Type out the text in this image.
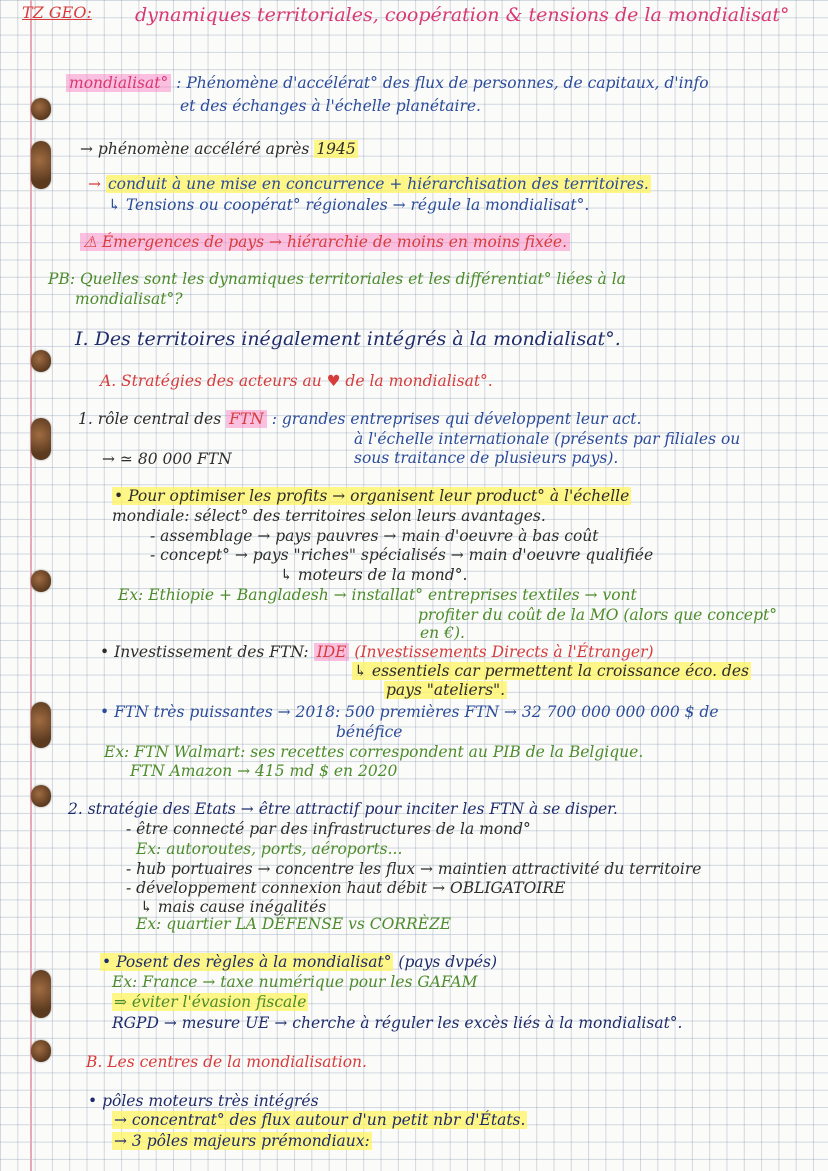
TZ GEO: dynamiques territoriales, coopération & tensions de la mondialisat°
mondialisat° : Phénomène d'accélérat° des flux de personnes, de capitaux, d'info
et des échanges à l'échelle planétaire.
→ phénomène accéléré après 1945
→ conduit à une mise en concurrence + hiérarchisation des territoires.
↳ Tensions ou coopérat° régionales → régule la mondialisat°.
⚠ Émergences de pays → hiérarchie de moins en moins fixée.
PB: Quelles sont les dynamiques territoriales et les différentiat° liées à la
mondialisat°?
I. Des territoires inégalement intégrés à la mondialisat°.
A. Stratégies des acteurs au ♥ de la mondialisat°.
1. rôle central des FTN : grandes entreprises qui développent leur act.
à l'échelle internationale (présents par filiales ou
→ ≃ 80 000 FTN	sous traitance de plusieurs pays).
• Pour optimiser les profits → organisent leur product° à l'échelle
mondiale: sélect° des territoires selon leurs avantages.
- assemblage → pays pauvres → main d'oeuvre à bas coût
- concept° → pays "riches" spécialisés → main d'oeuvre qualifiée
↳ moteurs de la mond°.
Ex: Ethiopie + Bangladesh → installat° entreprises textiles → vont
profiter du coût de la MO (alors que concept°
en €).
• Investissement des FTN: IDE (Investissements Directs à l'Étranger)
↳ essentiels car permettent la croissance éco. des
pays "ateliers".
• FTN très puissantes → 2018: 500 premières FTN → 32 700 000 000 000 $ de
bénéfice
Ex: FTN Walmart: ses recettes correspondent au PIB de la Belgique.
FTN Amazon → 415 md $ en 2020
2. stratégie des Etats → être attractif pour inciter les FTN à se disper.
- être connecté par des infrastructures de la mond°
Ex: autoroutes, ports, aéroports...
- hub portuaires → concentre les flux → maintien attractivité du territoire
- développement connexion haut débit → OBLIGATOIRE
↳ mais cause inégalités
Ex: quartier LA DÉFENSE vs CORRÈZE
• Posent des règles à la mondialisat° (pays dvpés)
Ex: France → taxe numérique pour les GAFAM
⇒ éviter l'évasion fiscale
RGPD → mesure UE → cherche à réguler les excès liés à la mondialisat°.
B. Les centres de la mondialisation.
• pôles moteurs très intégrés
→ concentrat° des flux autour d'un petit nbr d'États.
→ 3 pôles majeurs prémondiaux:
